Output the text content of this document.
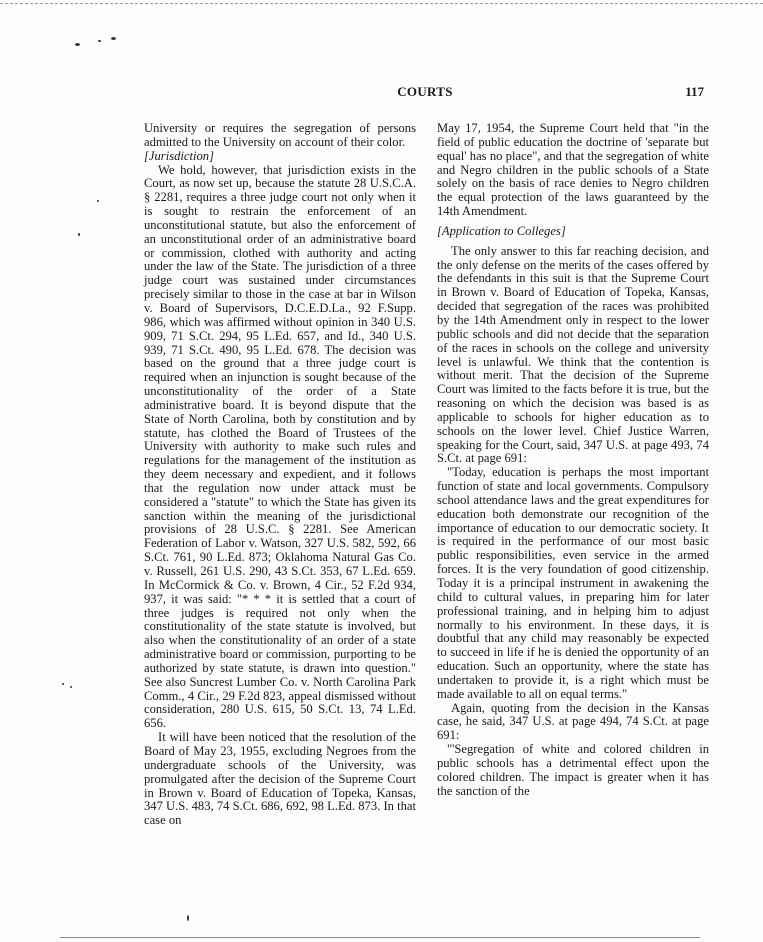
COURTS	117

University or requires the segregation of persons admitted to the University on account of their color.

[Jurisdiction]

We hold, however, that jurisdiction exists in the Court, as now set up, because the statute 28 U.S.C.A. § 2281, requires a three judge court not only when it is sought to restrain the enforcement of an unconstitutional statute, but also the enforcement of an unconstitutional order of an administrative board or commission, clothed with authority and acting under the law of the State. The jurisdiction of a three judge court was sustained under circumstances precisely similar to those in the case at bar in Wilson v. Board of Supervisors, D.C.E.D.La., 92 F.Supp. 986, which was affirmed without opinion in 340 U.S. 909, 71 S.Ct. 294, 95 L.Ed. 657, and Id., 340 U.S. 939, 71 S.Ct. 490, 95 L.Ed. 678. The decision was based on the ground that a three judge court is required when an injunction is sought because of the unconstitutionality of the order of a State administrative board. It is beyond dispute that the State of North Carolina, both by constitution and by statute, has clothed the Board of Trustees of the University with authority to make such rules and regulations for the management of the institution as they deem necessary and expedient, and it follows that the regulation now under attack must be considered a "statute" to which the State has given its sanction within the meaning of the jurisdictional provisions of 28 U.S.C. § 2281. See American Federation of Labor v. Watson, 327 U.S. 582, 592, 66 S.Ct. 761, 90 L.Ed. 873; Oklahoma Natural Gas Co. v. Russell, 261 U.S. 290, 43 S.Ct. 353, 67 L.Ed. 659. In McCormick & Co. v. Brown, 4 Cir., 52 F.2d 934, 937, it was said: "* * * it is settled that a court of three judges is required not only when the constitutionality of the state statute is involved, but also when the constitutionality of an order of a state administrative board or commission, purporting to be authorized by state statute, is drawn into question." See also Suncrest Lumber Co. v. North Carolina Park Comm., 4 Cir., 29 F.2d 823, appeal dismissed without consideration, 280 U.S. 615, 50 S.Ct. 13, 74 L.Ed. 656.

It will have been noticed that the resolution of the Board of May 23, 1955, excluding Negroes from the undergraduate schools of the University, was promulgated after the decision of the Supreme Court in Brown v. Board of Education of Topeka, Kansas, 347 U.S. 483, 74 S.Ct. 686, 692, 98 L.Ed. 873. In that case on

May 17, 1954, the Supreme Court held that "in the field of public education the doctrine of 'separate but equal' has no place", and that the segregation of white and Negro children in the public schools of a State solely on the basis of race denies to Negro children the equal protection of the laws guaranteed by the 14th Amendment.

[Application to Colleges]

The only answer to this far reaching decision, and the only defense on the merits of the cases offered by the defendants in this suit is that the Supreme Court in Brown v. Board of Education of Topeka, Kansas, decided that segregation of the races was prohibited by the 14th Amendment only in respect to the lower public schools and did not decide that the separation of the races in schools on the college and university level is unlawful. We think that the contention is without merit. That the decision of the Supreme Court was limited to the facts before it is true, but the reasoning on which the decision was based is as applicable to schools for higher education as to schools on the lower level. Chief Justice Warren, speaking for the Court, said, 347 U.S. at page 493, 74 S.Ct. at page 691:

"Today, education is perhaps the most important function of state and local governments. Compulsory school attendance laws and the great expenditures for education both demonstrate our recognition of the importance of education to our democratic society. It is required in the performance of our most basic public responsibilities, even service in the armed forces. It is the very foundation of good citizenship. Today it is a principal instrument in awakening the child to cultural values, in preparing him for later professional training, and in helping him to adjust normally to his environment. In these days, it is doubtful that any child may reasonably be expected to succeed in life if he is denied the opportunity of an education. Such an opportunity, where the state has undertaken to provide it, is a right which must be made available to all on equal terms."

Again, quoting from the decision in the Kansas case, he said, 347 U.S. at page 494, 74 S.Ct. at page 691:

"'Segregation of white and colored children in public schools has a detrimental effect upon the colored children. The impact is greater when it has the sanction of the
